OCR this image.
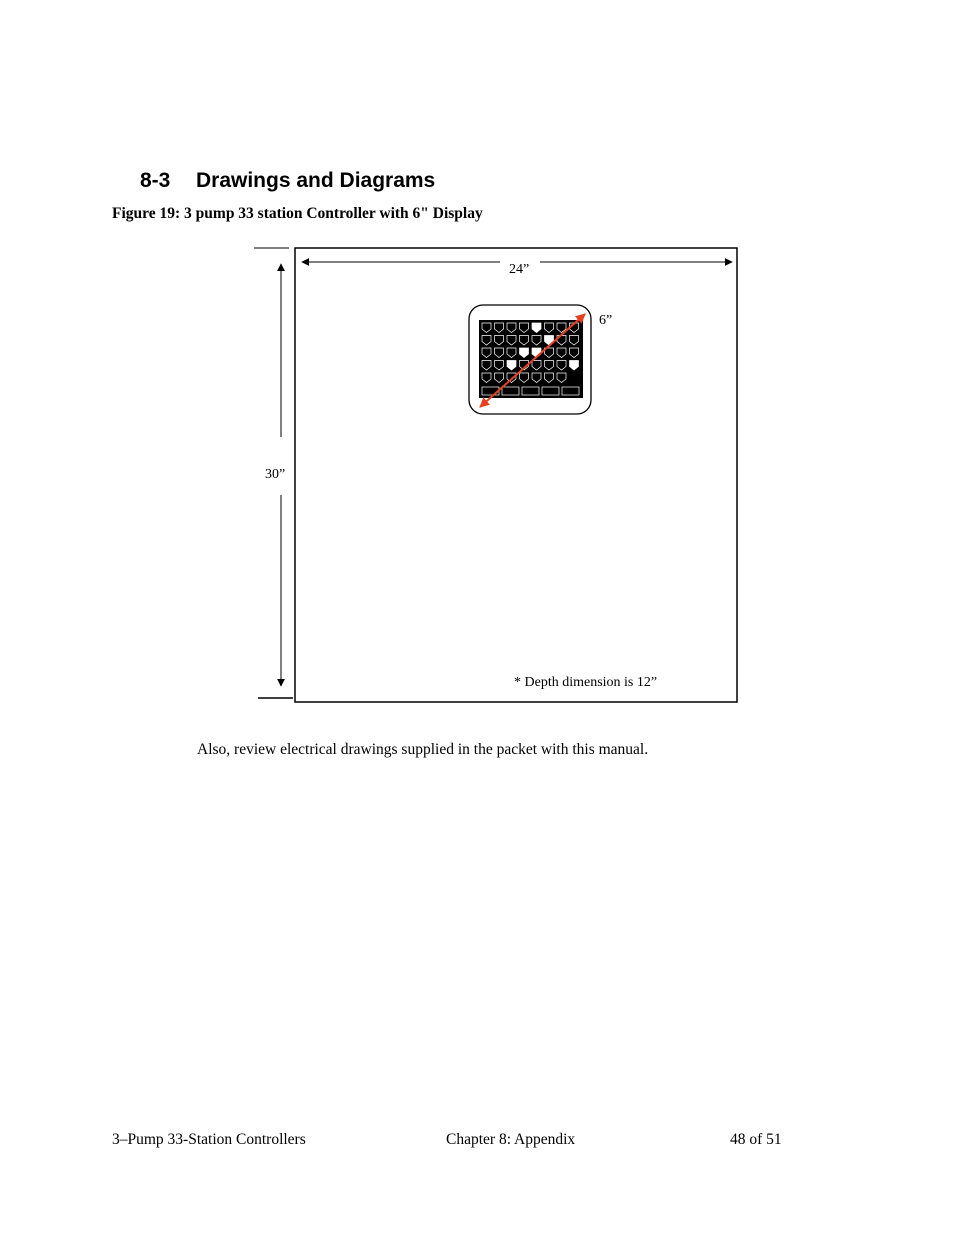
8-3 Drawings and Diagrams

Figure 19: 3 pump 33 station Controller with 6" Display

24”
30”
6”
* Depth dimension is 12”

Also, review electrical drawings supplied in the packet with this manual.

3–Pump 33-Station Controllers	Chapter 8: Appendix	48 of 51
